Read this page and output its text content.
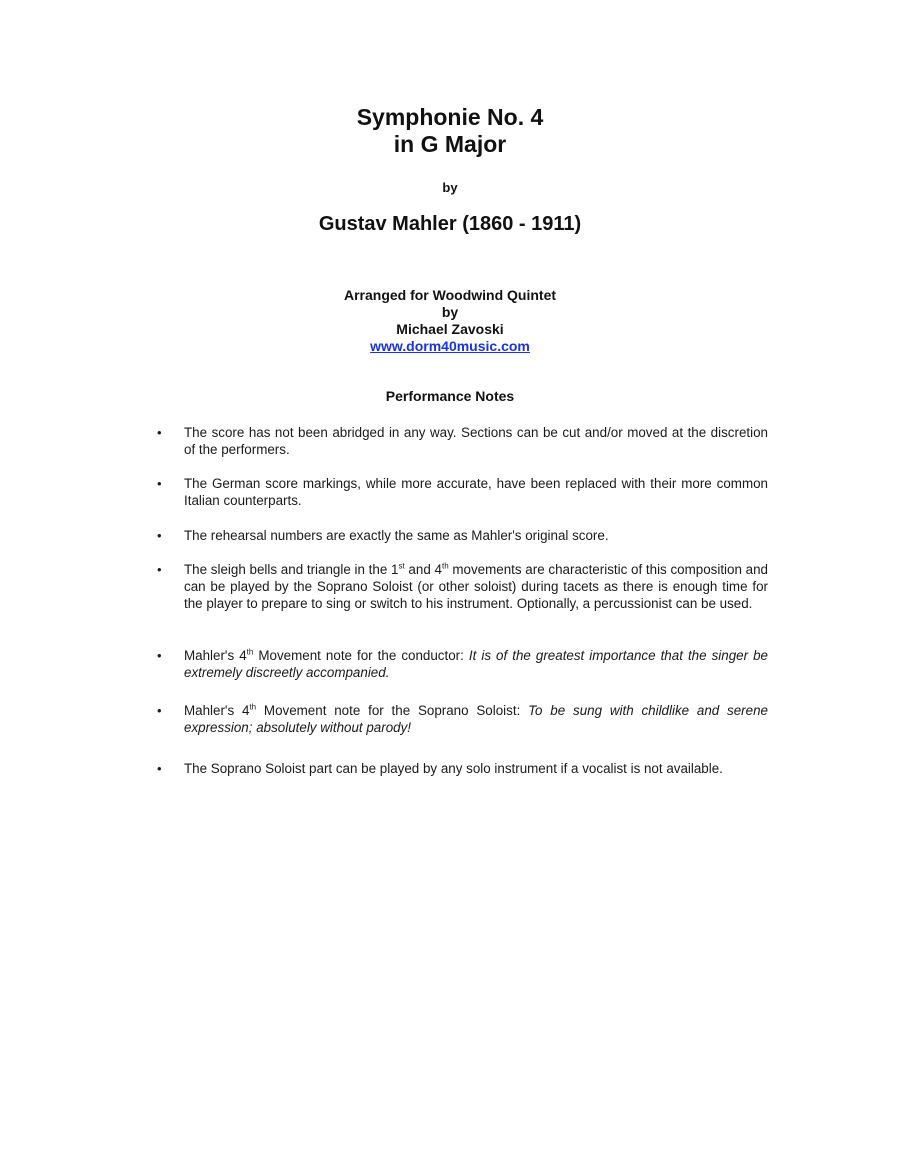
Symphonie No. 4
in G Major
by
Gustav Mahler (1860 - 1911)
Arranged for Woodwind Quintet
by
Michael Zavoski
www.dorm40music.com
Performance Notes
• The score has not been abridged in any way. Sections can be cut and/or moved at the discretion of the performers.
• The German score markings, while more accurate, have been replaced with their more common Italian counterparts.
• The rehearsal numbers are exactly the same as Mahler's original score.
• The sleigh bells and triangle in the 1st and 4th movements are characteristic of this composition and can be played by the Soprano Soloist (or other soloist) during tacets as there is enough time for the player to prepare to sing or switch to his instrument. Optionally, a percussionist can be used.
• Mahler's 4th Movement note for the conductor: It is of the greatest importance that the singer be extremely discreetly accompanied.
• Mahler's 4th Movement note for the Soprano Soloist: To be sung with childlike and serene expression; absolutely without parody!
• The Soprano Soloist part can be played by any solo instrument if a vocalist is not available.
